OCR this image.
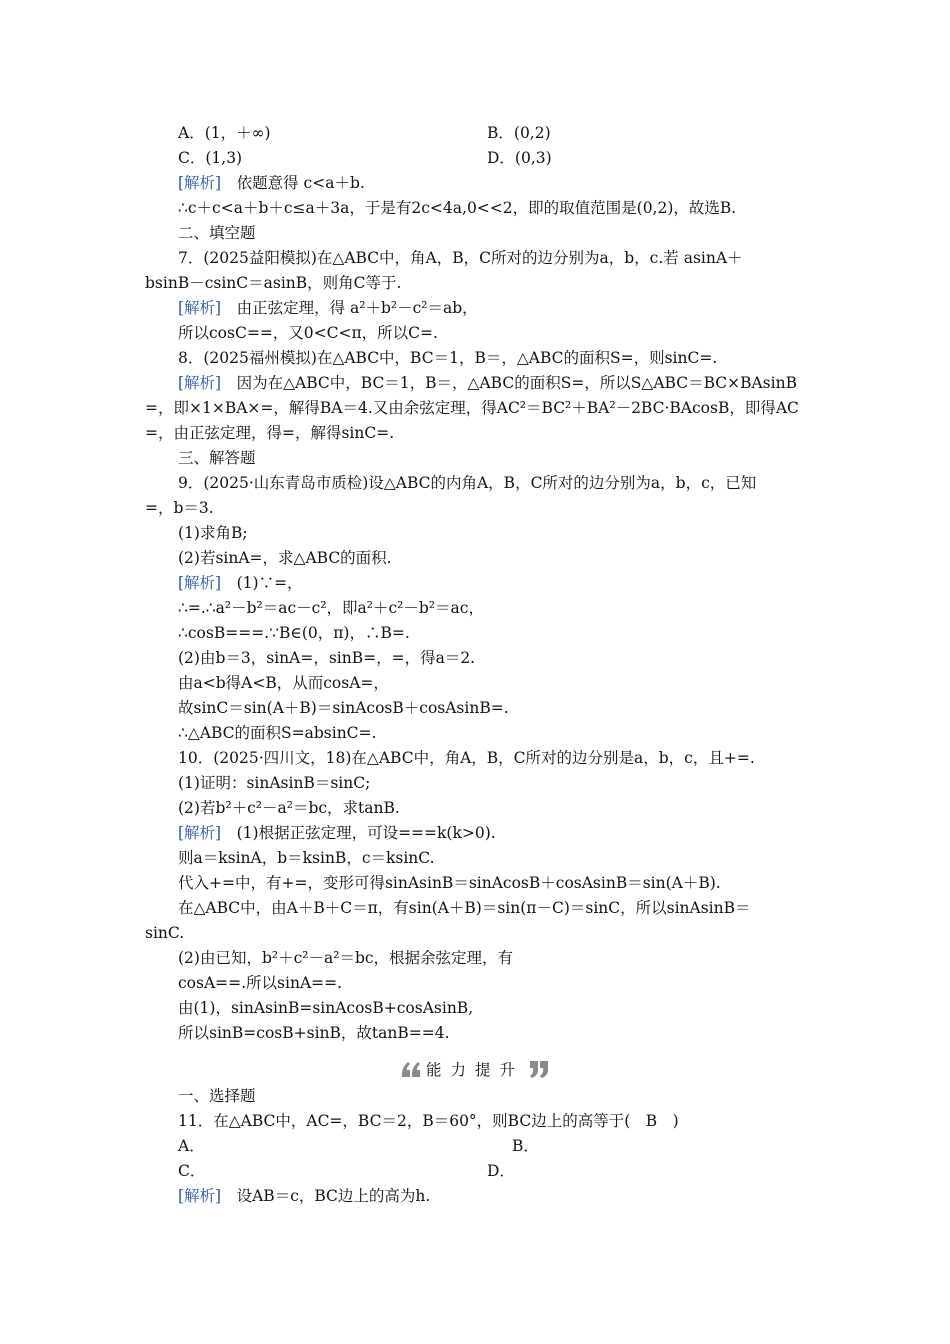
A．(1，＋∞)	B．(0,2)
C．(1,3)	D．(0,3)
[解析]　依题意得 c<a＋b.
∴c＋c<a＋b＋c≤a＋3a，于是有2c<4a,0<<2，即的取值范围是(0,2)，故选B.
二、填空题
7．(2025益阳模拟)在△ABC中，角A，B，C所对的边分别为a，b，c.若 asinA＋
bsinB－csinC＝asinB，则角C等于.
[解析]　由正弦定理，得 a²＋b²－c²＝ab，
所以cosC==，又0<C<π，所以C=.
8．(2025福州模拟)在△ABC中，BC＝1，B＝，△ABC的面积S=，则sinC=.
[解析]　因为在△ABC中，BC＝1，B＝，△ABC的面积S=，所以S△ABC＝BC×BAsinB
=，即×1×BA×=，解得BA＝4.又由余弦定理，得AC²＝BC²＋BA²－2BC·BAcosB，即得AC
=，由正弦定理，得=，解得sinC=.
三、解答题
9．(2025·山东青岛市质检)设△ABC的内角A，B，C所对的边分别为a，b，c，已知
=，b＝3.
(1)求角B;
(2)若sinA=，求△ABC的面积.
[解析]　(1)∵=，
∴=.∴a²－b²＝ac－c²，即a²＋c²－b²＝ac，
∴cosB===.∵B∈(0，π)，∴B=.
(2)由b＝3，sinA=，sinB=，=，得a＝2.
由a<b得A<B，从而cosA=，
故sinC＝sin(A＋B)＝sinAcosB＋cosAsinB=.
∴△ABC的面积S=absinC=.
10．(2025·四川文，18)在△ABC中，角A，B，C所对的边分别是a，b，c，且+=.
(1)证明：sinAsinB＝sinC;
(2)若b²＋c²－a²＝bc，求tanB.
[解析]　(1)根据正弦定理，可设===k(k>0).
则a＝ksinA，b＝ksinB，c＝ksinC.
代入+=中，有+=，变形可得sinAsinB＝sinAcosB＋cosAsinB＝sin(A＋B).
在△ABC中，由A＋B＋C＝π，有sin(A＋B)＝sin(π－C)＝sinC，所以sinAsinB＝
sinC.
(2)由已知，b²＋c²－a²＝bc，根据余弦定理，有
cosA==.所以sinA==.
由(1)，sinAsinB=sinAcosB+cosAsinB,
所以sinB=cosB+sinB，故tanB==4.
一、选择题
11．在△ABC中，AC=，BC＝2，B＝60°，则BC边上的高等于(　B　)
A．	B．
C．	D．
[解析]　设AB＝c，BC边上的高为h.
能力提升
